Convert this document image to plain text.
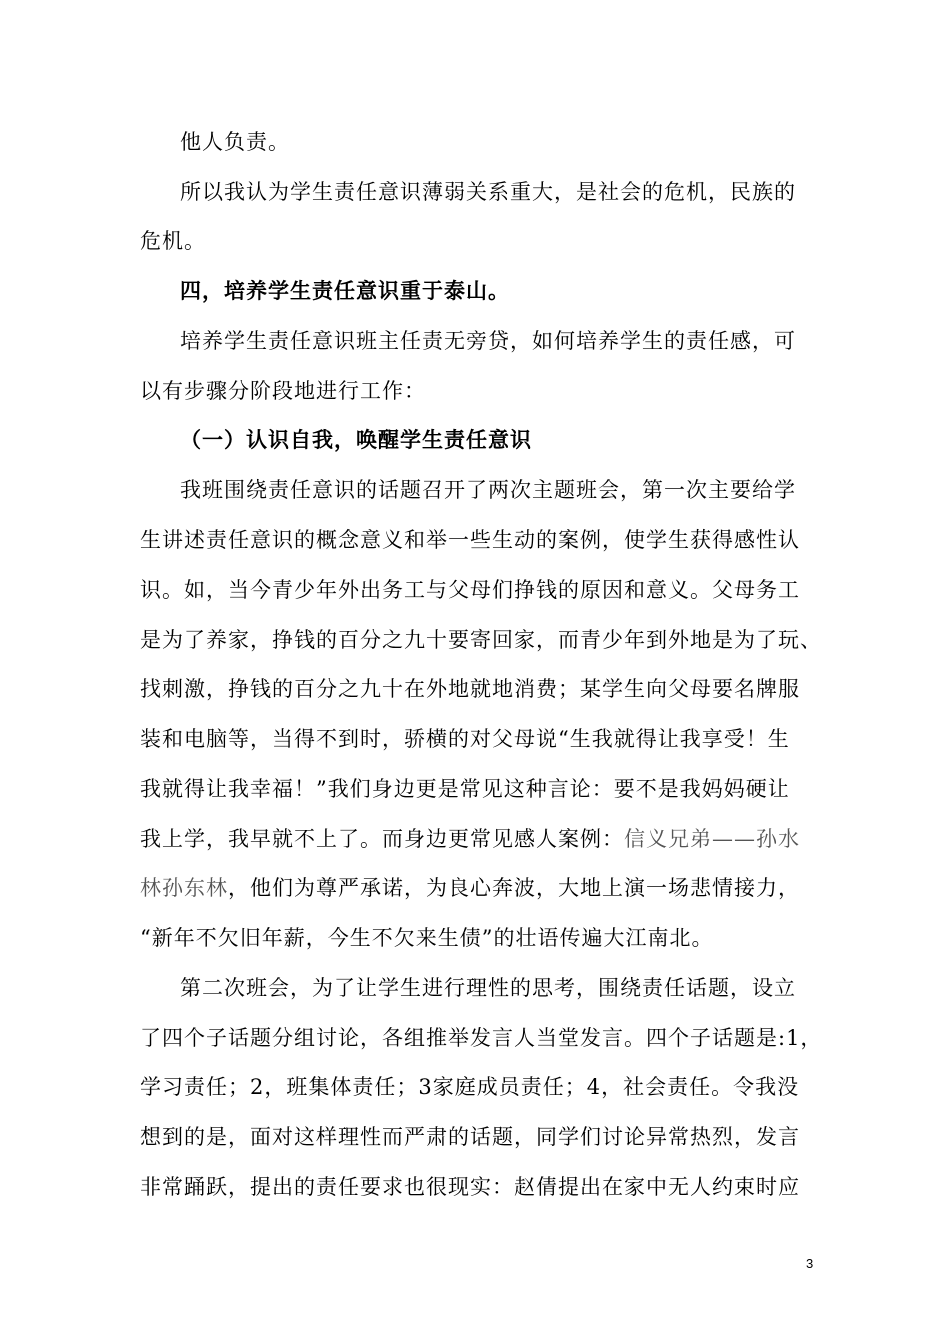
他人负责。
所以我认为学生责任意识薄弱关系重大，是社会的危机，民族的
危机。
四，培养学生责任意识重于泰山。
培养学生责任意识班主任责无旁贷，如何培养学生的责任感，可
以有步骤分阶段地进行工作：
（一）认识自我，唤醒学生责任意识
我班围绕责任意识的话题召开了两次主题班会，第一次主要给学
生讲述责任意识的概念意义和举一些生动的案例，使学生获得感性认
识。如，当今青少年外出务工与父母们挣钱的原因和意义。父母务工
是为了养家，挣钱的百分之九十要寄回家，而青少年到外地是为了玩、
找刺激，挣钱的百分之九十在外地就地消费；某学生向父母要名牌服
装和电脑等，当得不到时，骄横的对父母说“生我就得让我享受！生
我就得让我幸福！”我们身边更是常见这种言论：要不是我妈妈硬让
我上学，我早就不上了。而身边更常见感人案例：信义兄弟——孙水
林孙东林，他们为尊严承诺，为良心奔波，大地上演一场悲情接力，
“新年不欠旧年薪，今生不欠来生债”的壮语传遍大江南北。
第二次班会，为了让学生进行理性的思考，围绕责任话题，设立
了四个子话题分组讨论，各组推举发言人当堂发言。四个子话题是:1，
学习责任；2，班集体责任；3家庭成员责任；4，社会责任。令我没
想到的是，面对这样理性而严肃的话题，同学们讨论异常热烈，发言
非常踊跃，提出的责任要求也很现实：赵倩提出在家中无人约束时应
3
